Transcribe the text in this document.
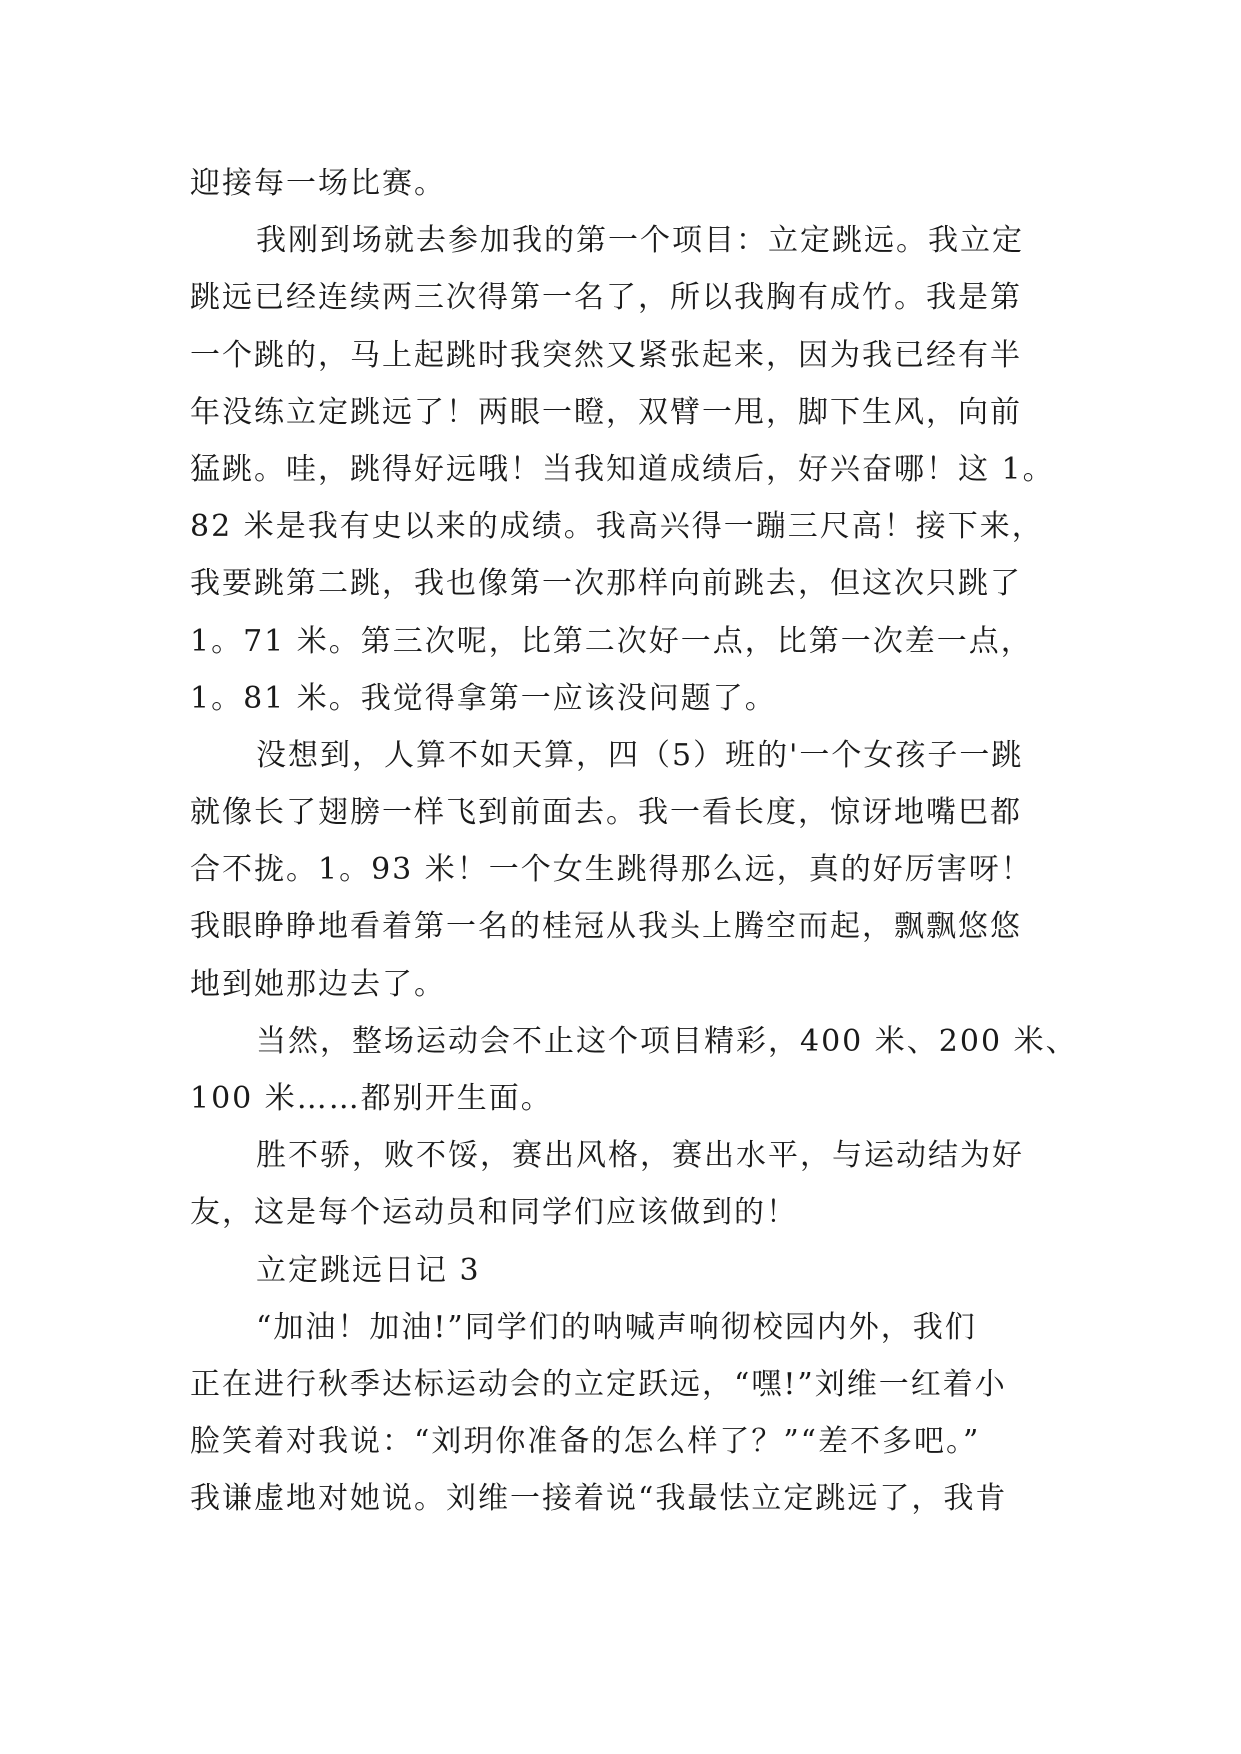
迎接每一场比赛。
我刚到场就去参加我的第一个项目：立定跳远。我立定
跳远已经连续两三次得第一名了，所以我胸有成竹。我是第
一个跳的，马上起跳时我突然又紧张起来，因为我已经有半
年没练立定跳远了！两眼一瞪，双臂一甩，脚下生风，向前
猛跳。哇，跳得好远哦！当我知道成绩后，好兴奋哪！这 1。
82 米是我有史以来的成绩。我高兴得一蹦三尺高！接下来，
我要跳第二跳，我也像第一次那样向前跳去，但这次只跳了
1。71 米。第三次呢，比第二次好一点，比第一次差一点，
1。81 米。我觉得拿第一应该没问题了。
没想到，人算不如天算，四（5）班的'一个女孩子一跳
就像长了翅膀一样飞到前面去。我一看长度，惊讶地嘴巴都
合不拢。1。93 米！一个女生跳得那么远，真的好厉害呀！
我眼睁睁地看着第一名的桂冠从我头上腾空而起，飘飘悠悠
地到她那边去了。
当然，整场运动会不止这个项目精彩，400 米、200 米、
100 米……都别开生面。
胜不骄，败不馁，赛出风格，赛出水平，与运动结为好
友，这是每个运动员和同学们应该做到的！
立定跳远日记 3
“加油！加油!”同学们的呐喊声响彻校园内外，我们
正在进行秋季达标运动会的立定跃远，“嘿!”刘维一红着小
脸笑着对我说：“刘玥你准备的怎么样了？”“差不多吧。”
我谦虚地对她说。刘维一接着说“我最怯立定跳远了，我肯
